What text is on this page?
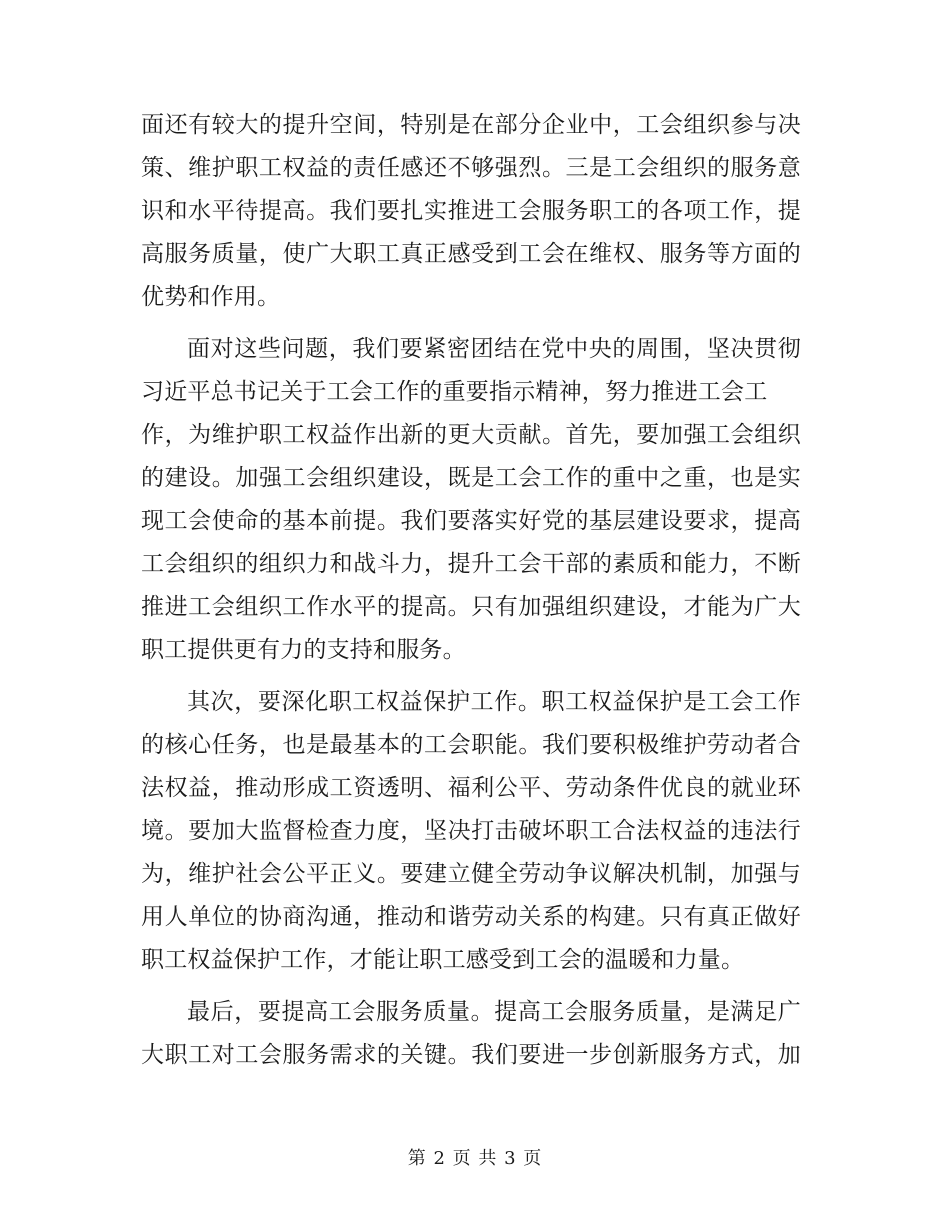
面还有较大的提升空间，特别是在部分企业中，工会组织参与决
策、维护职工权益的责任感还不够强烈。三是工会组织的服务意
识和水平待提高。我们要扎实推进工会服务职工的各项工作，提
高服务质量，使广大职工真正感受到工会在维权、服务等方面的
优势和作用。
面对这些问题，我们要紧密团结在党中央的周围，坚决贯彻
习近平总书记关于工会工作的重要指示精神，努力推进工会工
作，为维护职工权益作出新的更大贡献。首先，要加强工会组织
的建设。加强工会组织建设，既是工会工作的重中之重，也是实
现工会使命的基本前提。我们要落实好党的基层建设要求，提高
工会组织的组织力和战斗力，提升工会干部的素质和能力，不断
推进工会组织工作水平的提高。只有加强组织建设，才能为广大
职工提供更有力的支持和服务。
其次，要深化职工权益保护工作。职工权益保护是工会工作
的核心任务，也是最基本的工会职能。我们要积极维护劳动者合
法权益，推动形成工资透明、福利公平、劳动条件优良的就业环
境。要加大监督检查力度，坚决打击破坏职工合法权益的违法行
为，维护社会公平正义。要建立健全劳动争议解决机制，加强与
用人单位的协商沟通，推动和谐劳动关系的构建。只有真正做好
职工权益保护工作，才能让职工感受到工会的温暖和力量。
最后，要提高工会服务质量。提高工会服务质量，是满足广
大职工对工会服务需求的关键。我们要进一步创新服务方式，加
第 2 页 共 3 页
